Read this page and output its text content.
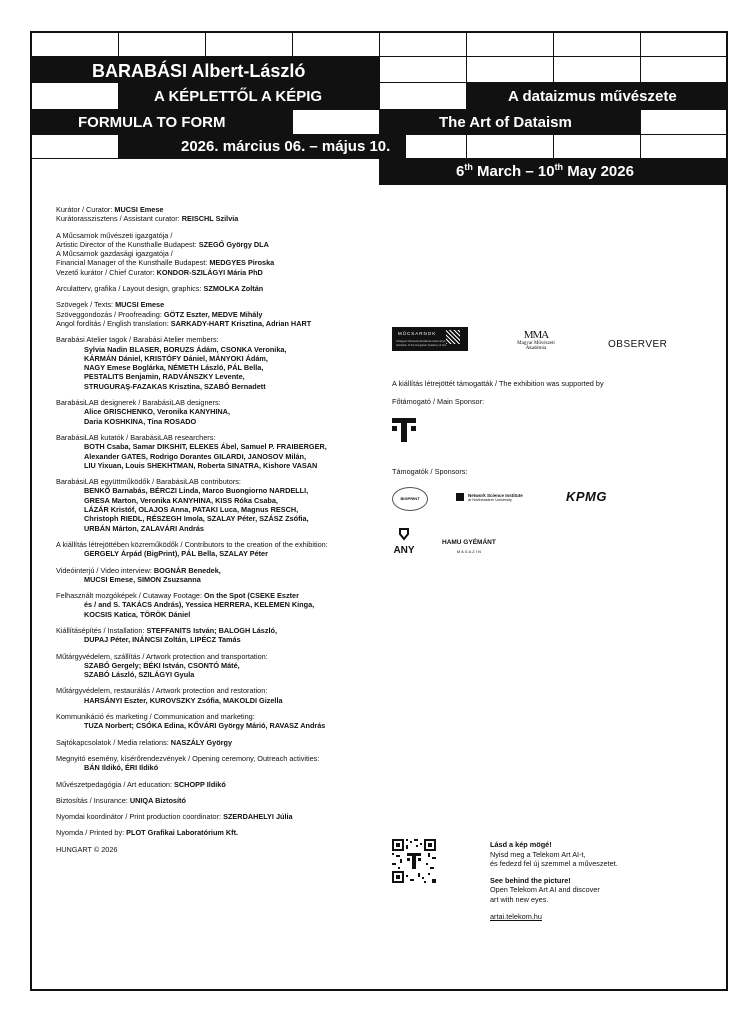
BARABÁSI Albert-László
A KÉPLETTŐL A KÉPIG	A dataizmus művészete
FORMULA TO FORM	The Art of Dataism
2026. március 06. – május 10.
6th March – 10th May 2026

Kurátor / Curator: MUCSI Emese
Kurátorasszisztens / Assistant curator: REISCHL Szilvia

A Műcsarnok művészeti igazgatója /
Artistic Director of the Kunsthalle Budapest: SZEGŐ György DLA
A Műcsarnok gazdasági igazgatója /
Financial Manager of the Kunsthalle Budapest: MEDGYES Piroska
Vezető kurátor / Chief Curator: KONDOR-SZILÁGYI Mária PhD

Arculatterv, grafika / Layout design, graphics: SZMOLKA Zoltán

Szövegek / Texts: MUCSI Emese
Szöveggondozás / Proofreading: GÖTZ Eszter, MEDVE Mihály
Angol fordítás / English translation: SARKADY-HART Krisztina, Adrian HART

Barabási Atelier tagok / Barabási Atelier members:
Sylvia Nadin BLASER, BORUZS Ádám, CSONKA Veronika,
KÁRMÁN Dániel, KRISTÓFY Dániel, MÁNYOKI Ádám,
NAGY Emese Boglárka, NÉMETH László, PÁL Bella,
PESTALITS Benjamin, RADVÁNSZKY Levente,
STRUGURAŞ-FAZAKAS Krisztina, SZABÓ Bernadett

BarabásiLAB designerek / BarabásiLAB designers:
Alice GRISCHENKO, Veronika KANYHINA,
Daria KOSHKINA, Tina ROSADO

BarabásiLAB kutatók / BarabásiLAB researchers:
BOTH Csaba, Samar DIKSHIT, ELEKES Ábel, Samuel P. FRAIBERGER,
Alexander GATES, Rodrigo Dorantes GILARDI, JANOSOV Milán,
LIU Yixuan, Louis SHEKHTMAN, Roberta SINATRA, Kishore VASAN

BarabásiLAB együttműködők / BarabásiLAB contributors:
BENKŐ Barnabás, BÉRCZI Linda, Marco Buongiorno NARDELLI,
GRESA Marton, Veronika KANYHINA, KISS Róka Csaba,
LÁZÁR Kristóf, OLAJOS Anna, PATAKI Luca, Magnus RESCH,
Christoph RIEDL, RÉSZEGH Imola, SZALAY Péter, SZÁSZ Zsófia,
URBÁN Márton, ZALAVÁRI András

A kiállítás létrejöttében közreműködők / Contributors to the creation of the exhibition:
GERGELY Árpád (BigPrint), PÁL Bella, SZALAY Péter

Videóinterjú / Video interview: BOGNÁR Benedek,
MUCSI Emese, SIMON Zsuzsanna

Felhasznált mozgóképek / Cutaway Footage: On the Spot (CSEKE Eszter
és / and S. TAKÁCS András), Yessica HERRERA, KELEMEN Kinga,
KOCSIS Katica, TÖRÖK Dániel

Kiállításépítés / Installation: STEFFANITS István; BALOGH László,
DUPAJ Péter, INÁNCSI Zoltán, LIPÉCZ Tamás

Műtárgyvédelem, szállítás / Artwork protection and transportation:
SZABÓ Gergely; BÉKI István, CSONTÓ Máté,
SZABÓ László, SZILÁGYI Gyula

Műtárgyvédelem, restaurálás / Artwork protection and restoration:
HARSÁNYI Eszter, KUROVSZKY Zsófia, MAKOLDI Gizella

Kommunikáció és marketing / Communication and marketing:
TUZA Norbert; CSÓKA Edina, KŐVÁRI György Márió, RAVASZ András

Sajtókapcsolatok / Media relations: NASZÁLY György

Megnyitó esemény, kísérőrendezvények / Opening ceremony, Outreach activities:
BÁN Ildikó, ÉRI Ildikó

Művészetpedagógia / Art education: SCHOPP Ildikó

Biztosítás / Insurance: UNIQA Biztosító

Nyomdai koordinátor / Print production coordinator: SZERDAHELYI Júlia

Nyomda / Printed by: PLOT Grafikai Laboratórium Kft.

HUNGART © 2026

MŰCSARNOK
A Magyar Művészeti Akadémia intézménye
Institution of the Hungarian Academy of Arts
MMA
Magyar Művészeti
Akadémia	OBSERVER
A kiállítás létrejöttét támogatták / The exhibition was supported by
Főtámogató / Main Sponsor:
Támogatók / Sponsors:
BIGPRINT
Network Science Institute
at Northeastern University	KPMG
ANY
HAMU GYÉMÁNT
M A G A Z I N
Lásd a kép mögé!
Nyisd meg a Telekom Art AI-t,
és fedezd fel új szemmel a műveszetet.
See behind the picture!
Open Telekom Art AI and discover
art with new eyes.
artai.telekom.hu
